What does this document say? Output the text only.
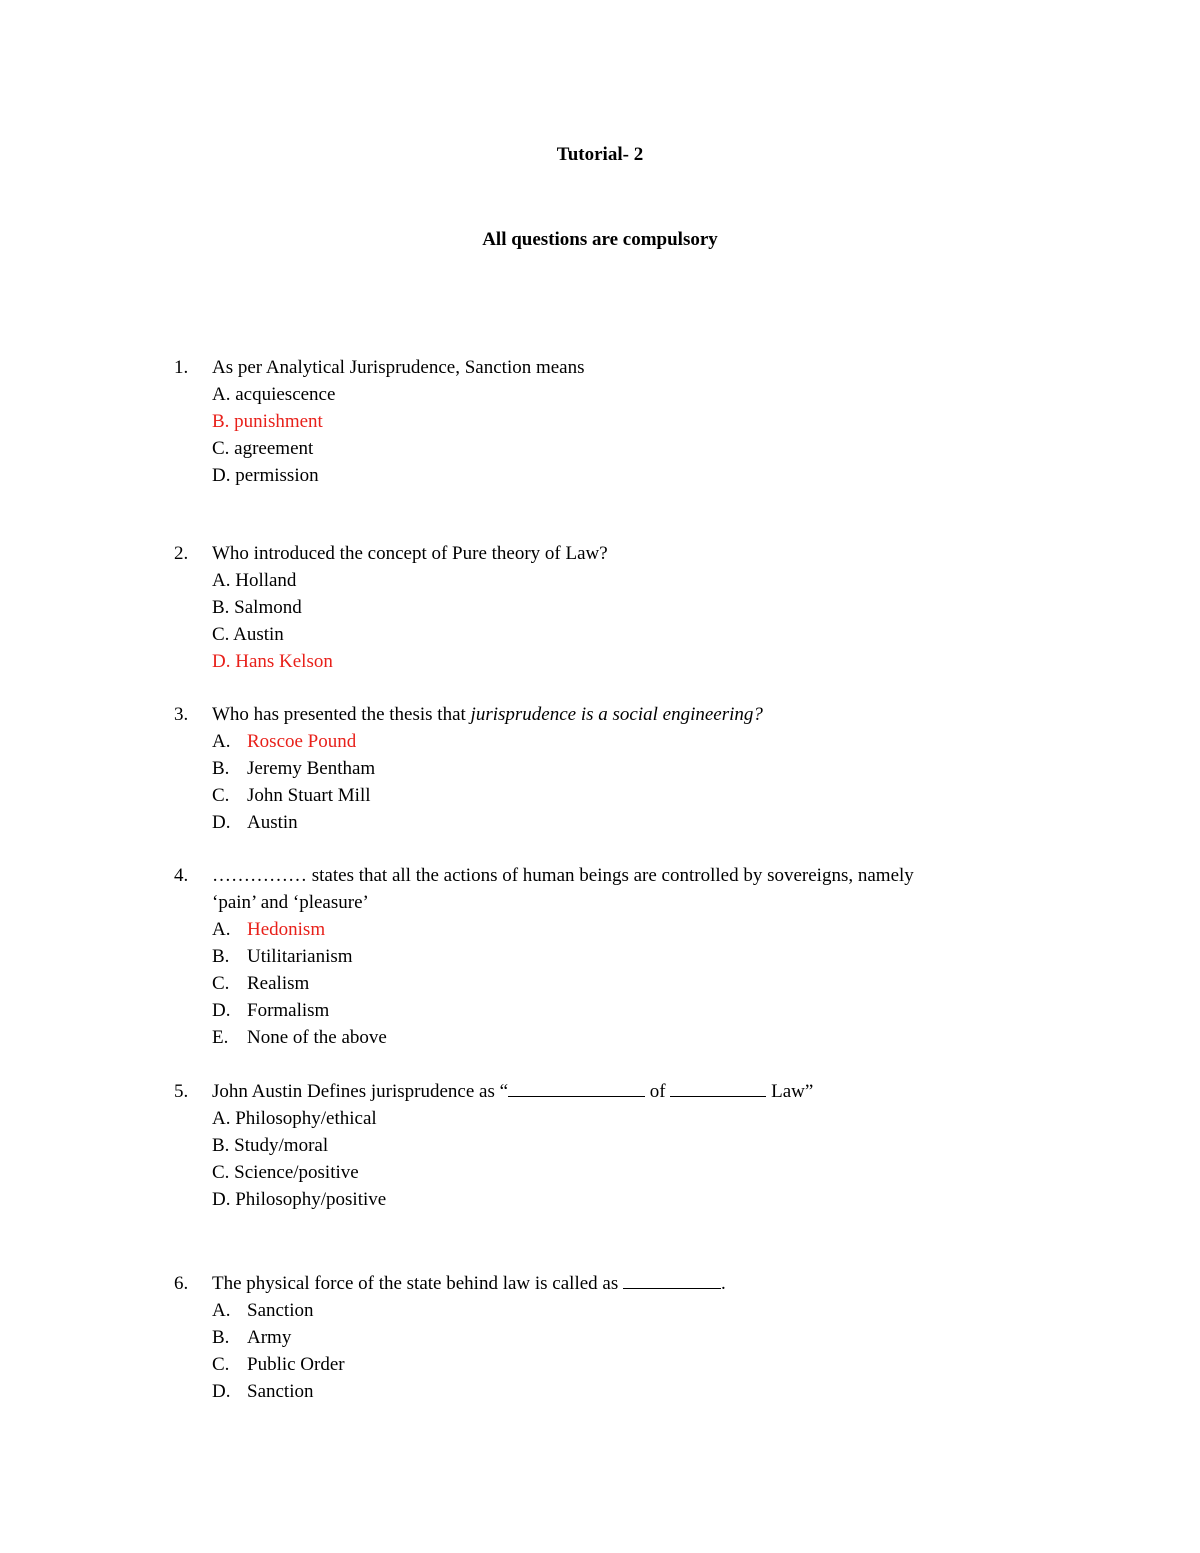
Tutorial- 2
All questions are compulsory
1. As per Analytical Jurisprudence, Sanction means
A. acquiescence
B. punishment
C. agreement
D. permission
2. Who introduced the concept of Pure theory of Law?
A. Holland
B. Salmond
C. Austin
D. Hans Kelson
3. Who has presented the thesis that jurisprudence is a social engineering?
A. Roscoe Pound
B. Jeremy Bentham
C. John Stuart Mill
D. Austin
4. …………… states that all the actions of human beings are controlled by sovereigns, namely
‘pain’ and ‘pleasure’
A. Hedonism
B. Utilitarianism
C. Realism
D. Formalism
E. None of the above
5. John Austin Defines jurisprudence as “	of	Law”
A. Philosophy/ethical
B. Study/moral
C. Science/positive
D. Philosophy/positive
6. The physical force of the state behind law is called as	.
A. Sanction
B. Army
C. Public Order
D. Sanction
